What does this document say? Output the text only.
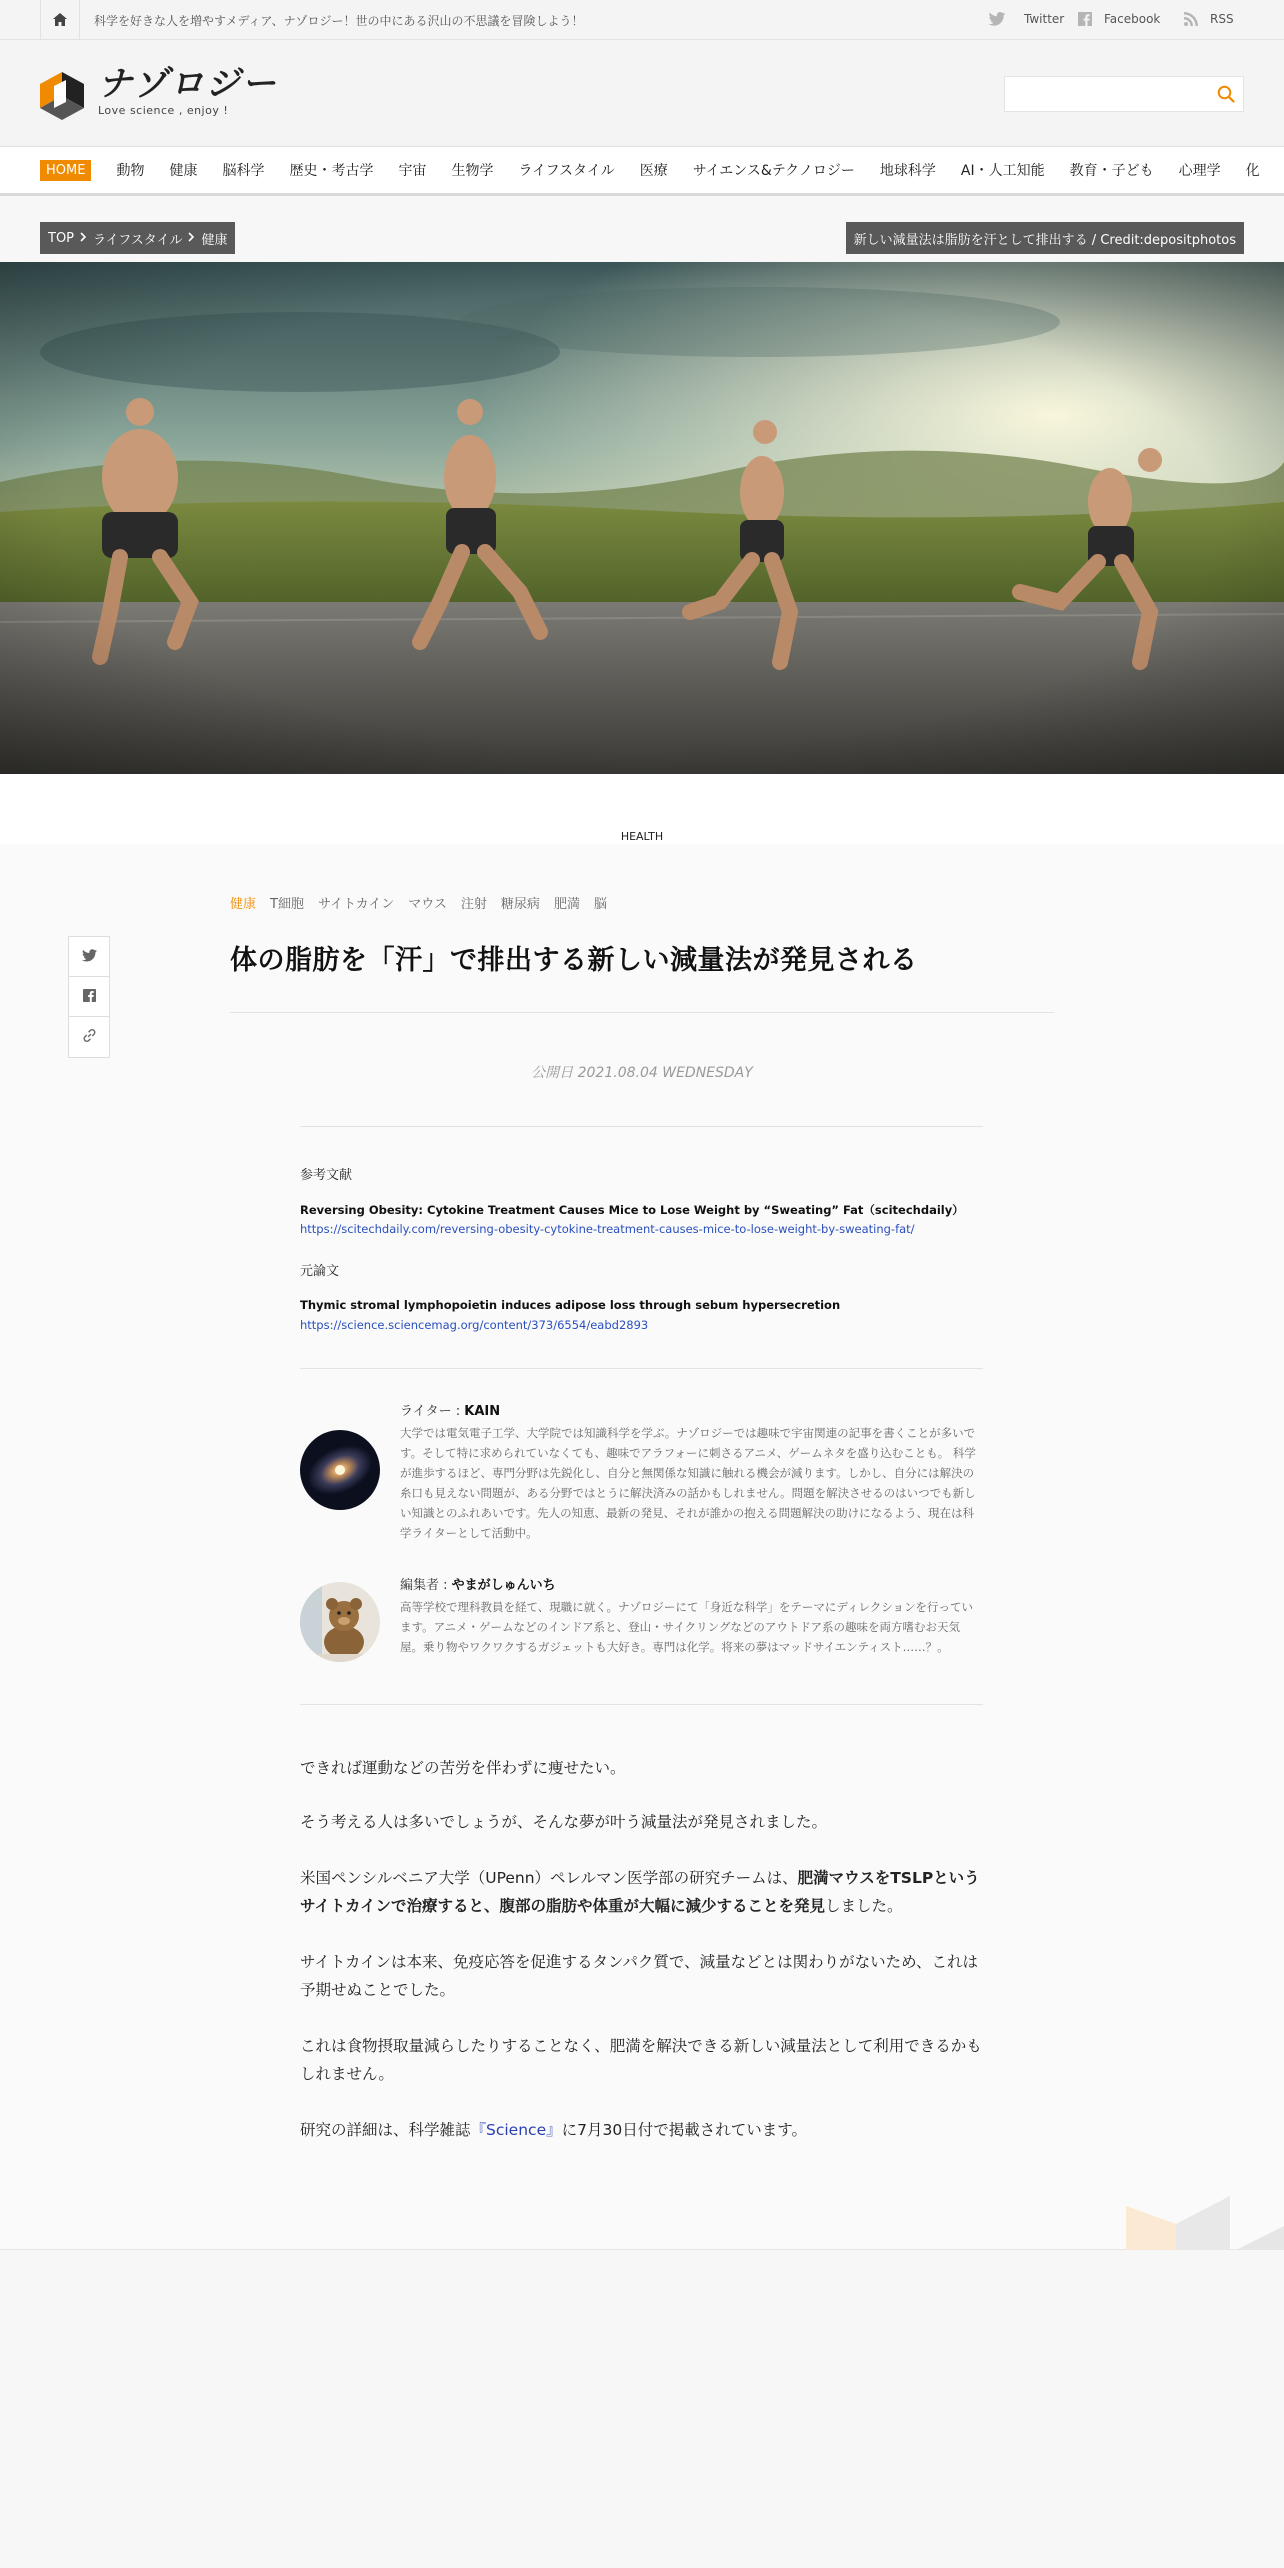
科学を好きな人を増やすメディア、ナゾロジー！世の中にある沢山の不思議を冒険しよう！	Twitter	Facebook	RSS
ナゾロジー
Love science , enjoy !
HOME	動物 健康 脳科学 歴史・考古学 宇宙 生物学 ライフスタイル 医療 サイエンス&テクノロジー 地球科学 AI・人工知能 教育・子ども 心理学 化
TOP ライフスタイル 健康	新しい減量法は脂肪を汗として排出する / Credit:depositphotos
HEALTH
健康 T細胞 サイトカイン マウス 注射 糖尿病 肥満 脳
体の脂肪を「汗」で排出する新しい減量法が発見される
公開日 2021.08.04 WEDNESDAY
参考文献
Reversing Obesity: Cytokine Treatment Causes Mice to Lose Weight by “Sweating” Fat（scitechdaily）
https://scitechdaily.com/reversing-obesity-cytokine-treatment-causes-mice-to-lose-weight-by-sweating-fat/
元論文
Thymic stromal lymphopoietin induces adipose loss through sebum hypersecretion
https://science.sciencemag.org/content/373/6554/eabd2893
ライター : KAIN
大学では電気電子工学、大学院では知識科学を学ぶ。ナゾロジーでは趣味で宇宙関連の記事を書くことが多いです。そして特に求められていなくても、趣味でアラフォーに刺さるアニメ、ゲームネタを盛り込むことも。 科学が進歩するほど、専門分野は先鋭化し、自分と無関係な知識に触れる機会が減ります。しかし、自分には解決の糸口も見えない問題が、ある分野ではとうに解決済みの話かもしれません。問題を解決させるのはいつでも新しい知識とのふれあいです。先人の知恵、最新の発見、それが誰かの抱える問題解決の助けになるよう、現在は科学ライターとして活動中。
編集者 : やまがしゅんいち
高等学校で理科教員を経て、現職に就く。ナゾロジーにて「身近な科学」をテーマにディレクションを行っています。アニメ・ゲームなどのインドア系と、登山・サイクリングなどのアウトドア系の趣味を両方嗜むお天気屋。乗り物やワクワクするガジェットも大好き。専門は化学。将来の夢はマッドサイエンティスト……？。

できれば運動などの苦労を伴わずに痩せたい。

そう考える人は多いでしょうが、そんな夢が叶う減量法が発見されました。

米国ペンシルベニア大学（UPenn）ペレルマン医学部の研究チームは、肥満マウスをTSLPというサイトカインで治療すると、腹部の脂肪や体重が大幅に減少することを発見しました。

サイトカインは本来、免疫応答を促進するタンパク質で、減量などとは関わりがないため、これは予期せぬことでした。

これは食物摂取量減らしたりすることなく、肥満を解決できる新しい減量法として利用できるかもしれません。

研究の詳細は、科学雑誌『Science』に7月30日付で掲載されています。
